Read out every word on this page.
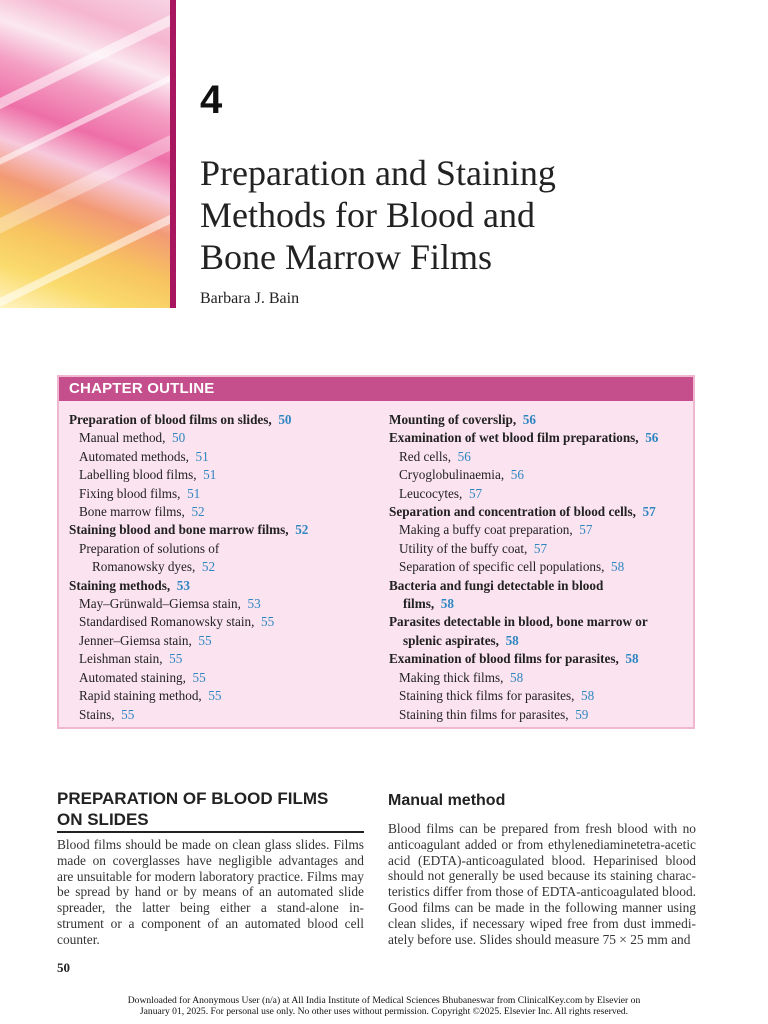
4
Preparation and Staining
Methods for Blood and
Bone Marrow Films
Barbara J. Bain
CHAPTER OUTLINE
Preparation of blood films on slides,  50
Manual method,  50
Automated methods,  51
Labelling blood films,  51
Fixing blood films,  51
Bone marrow films,  52
Staining blood and bone marrow films,  52
Preparation of solutions of
Romanowsky dyes,  52
Staining methods,  53
May–Grünwald–Giemsa stain,  53
Standardised Romanowsky stain,  55
Jenner–Giemsa stain,  55
Leishman stain,  55
Automated staining,  55
Rapid staining method,  55
Stains,  55
Mounting of coverslip,  56
Examination of wet blood film preparations,  56
Red cells,  56
Cryoglobulinaemia,  56
Leucocytes,  57
Separation and concentration of blood cells,  57
Making a buffy coat preparation,  57
Utility of the buffy coat,  57
Separation of specific cell populations,  58
Bacteria and fungi detectable in blood
films,  58
Parasites detectable in blood, bone marrow or
splenic aspirates,  58
Examination of blood films for parasites,  58
Making thick films,  58
Staining thick films for parasites,  58
Staining thin films for parasites,  59
PREPARATION OF BLOOD FILMS
ON SLIDES

Blood films should be made on clean glass slides. Films made on coverglasses have negligible advantages and are unsuitable for modern laboratory practice. Films may be spread by hand or by means of an automated slide spreader, the latter being either a stand-alone in- strument or a component of an automated blood cell counter.

Manual method

Blood films can be prepared from fresh blood with no anticoagulant added or from ethylenediaminetetra-acetic acid (EDTA)-anticoagulated blood. Heparinised blood should not generally be used because its staining charac- teristics differ from those of EDTA-anticoagulated blood. Good films can be made in the following manner using clean slides, if necessary wiped free from dust immedi- ately before use. Slides should measure 75 × 25 mm and

50
Downloaded for Anonymous User (n/a) at All India Institute of Medical Sciences Bhubaneswar from ClinicalKey.com by Elsevier on
January 01, 2025. For personal use only. No other uses without permission. Copyright ©2025. Elsevier Inc. All rights reserved.
